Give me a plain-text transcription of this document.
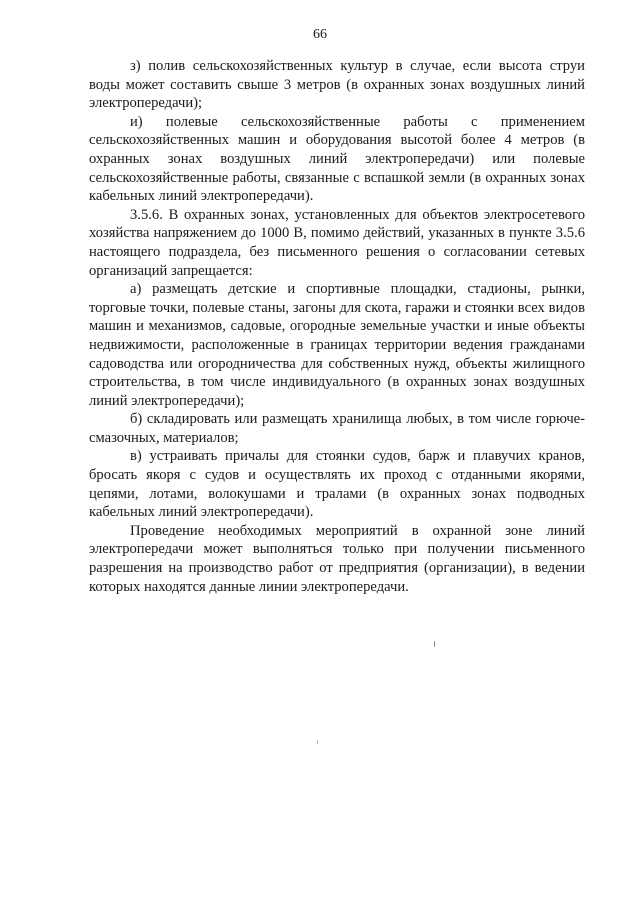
66

з) полив сельскохозяйственных культур в случае, если высота струи воды может составить свыше 3 метров (в охранных зонах воздушных линий электропередачи);

и) полевые сельскохозяйственные работы с применением сельскохозяйственных машин и оборудования высотой более 4 метров (в охранных зонах воздушных линий электропередачи) или полевые сельскохозяйственные работы, связанные с вспашкой земли (в охранных зонах кабельных линий электропередачи).

3.5.6. В охранных зонах, установленных для объектов электросетевого хозяйства напряжением до 1000 В, помимо действий, указанных в пункте 3.5.6 настоящего подраздела, без письменного решения о согласовании сетевых организаций запрещается:

а) размещать детские и спортивные площадки, стадионы, рынки, торговые точки, полевые станы, загоны для скота, гаражи и стоянки всех видов машин и механизмов, садовые, огородные земельные участки и иные объекты недвижимости, расположенные в границах территории ведения гражданами садоводства или огородничества для собственных нужд, объекты жилищного строительства, в том числе индивидуального (в охранных зонах воздушных линий электропередачи);

б) складировать или размещать хранилища любых, в том числе горюче-смазочных, материалов;

в) устраивать причалы для стоянки судов, барж и плавучих кранов, бросать якоря с судов и осуществлять их проход с отданными якорями, цепями, лотами, волокушами и тралами (в охранных зонах подводных кабельных линий электропередачи).

Проведение необходимых мероприятий в охранной зоне линий электропередачи может выполняться только при получении письменного разрешения на производство работ от предприятия (организации), в ведении которых находятся данные линии электропередачи.
